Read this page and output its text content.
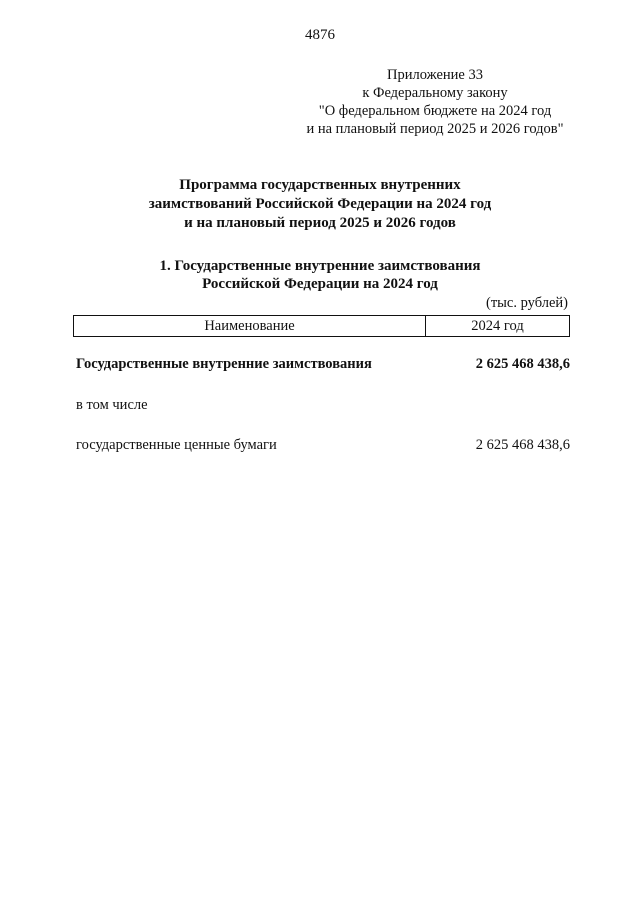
4876
Приложение 33
к Федеральному закону
"О федеральном бюджете на 2024 год
и на плановый период 2025 и 2026 годов"
Программа государственных внутренних
заимствований Российской Федерации на 2024 год
и на плановый период 2025 и 2026 годов
1. Государственные внутренние заимствования
Российской Федерации на 2024 год
(тыс. рублей)
Наименование	2024 год
Государственные внутренние заимствования	2 625 468 438,6
в том числе
государственные ценные бумаги	2 625 468 438,6
